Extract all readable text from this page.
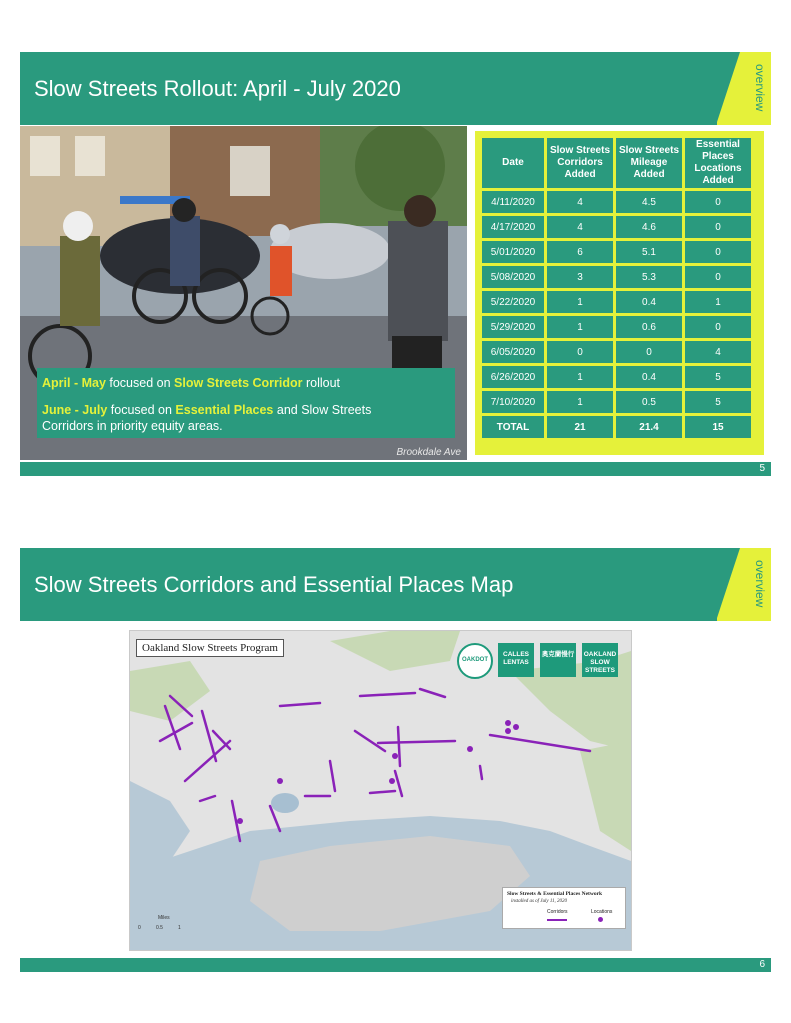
Slow Streets Rollout: April - July 2020	overview
April - May focused on Slow Streets Corridor rollout
June - July focused on Essential Places and Slow Streets
Corridors in priority equity areas.
Brookdale Ave
Date	Slow Streets Corridors Added	Slow Streets Mileage Added	Essential Places Locations Added
4/11/2020	4	4.5	0
4/17/2020	4	4.6	0
5/01/2020	6	5.1	0
5/08/2020	3	5.3	0
5/22/2020	1	0.4	1
5/29/2020	1	0.6	0
6/05/2020	0	0	4
6/26/2020	1	0.4	5
7/10/2020	1	0.5	5
TOTAL	21	21.4	15
5
Slow Streets Corridors and Essential Places Map	overview
Oakland Slow Streets Program
OAKDOT
CALLES LENTAS
奧克蘭慢行 OAKLAND SLOW STREETS
Slow Streets & Essential Places Network
installed as of July 11, 2020
Corridors	Locations
Miles
0	0.5	1
6
